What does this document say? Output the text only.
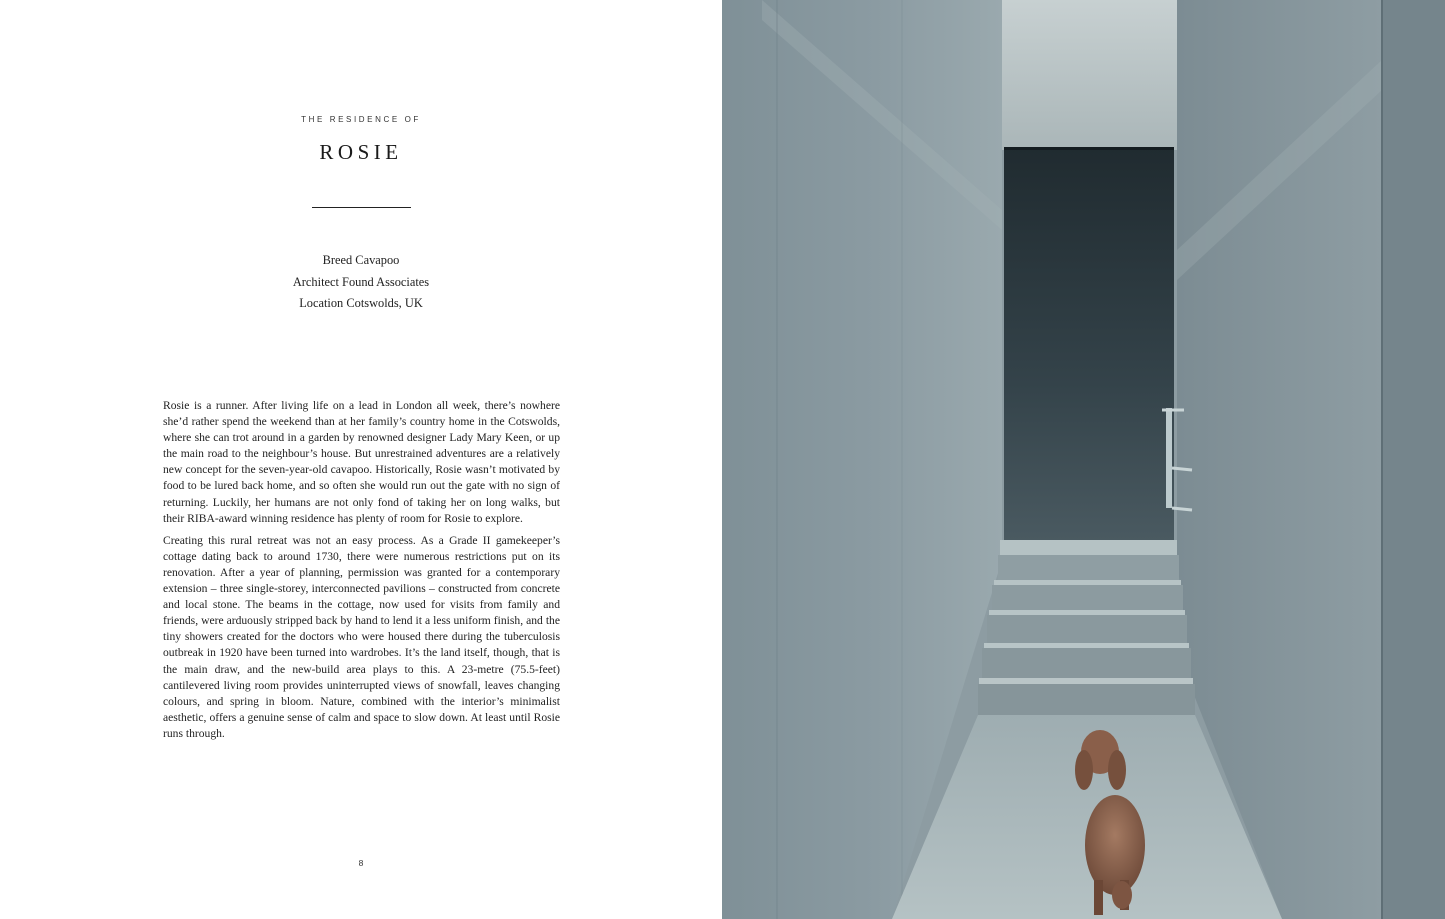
THE RESIDENCE OF
ROSIE
Breed Cavapoo
Architect Found Associates
Location Cotswolds, UK

Rosie is a runner. After living life on a lead in London all week, there’s nowhere she’d rather spend the weekend than at her family’s country home in the Cotswolds, where she can trot around in a garden by renowned designer Lady Mary Keen, or up the main road to the neighbour’s house. But unrestrained adventures are a relatively new concept for the seven-year-old cavapoo. Historically, Rosie wasn’t motivated by food to be lured back home, and so often she would run out the gate with no sign of returning. Luckily, her humans are not only fond of taking her on long walks, but their RIBA-award winning residence has plenty of room for Rosie to explore.

Creating this rural retreat was not an easy process. As a Grade II gamekeeper’s cottage dating back to around 1730, there were numerous restrictions put on its renovation. After a year of planning, permission was granted for a contemporary extension – three single-storey, interconnected pavilions – constructed from concrete and local stone. The beams in the cottage, now used for visits from family and friends, were arduously stripped back by hand to lend it a less uniform finish, and the tiny showers created for the doctors who were housed there during the tuberculosis outbreak in 1920 have been turned into wardrobes. It’s the land itself, though, that is the main draw, and the new-build area plays to this. A 23-metre (75.5-feet) cantilevered living room provides uninterrupted views of snowfall, leaves changing colours, and spring in bloom. Nature, combined with the interior’s minimalist aesthetic, offers a genuine sense of calm and space to slow down. At least until Rosie runs through.

8
